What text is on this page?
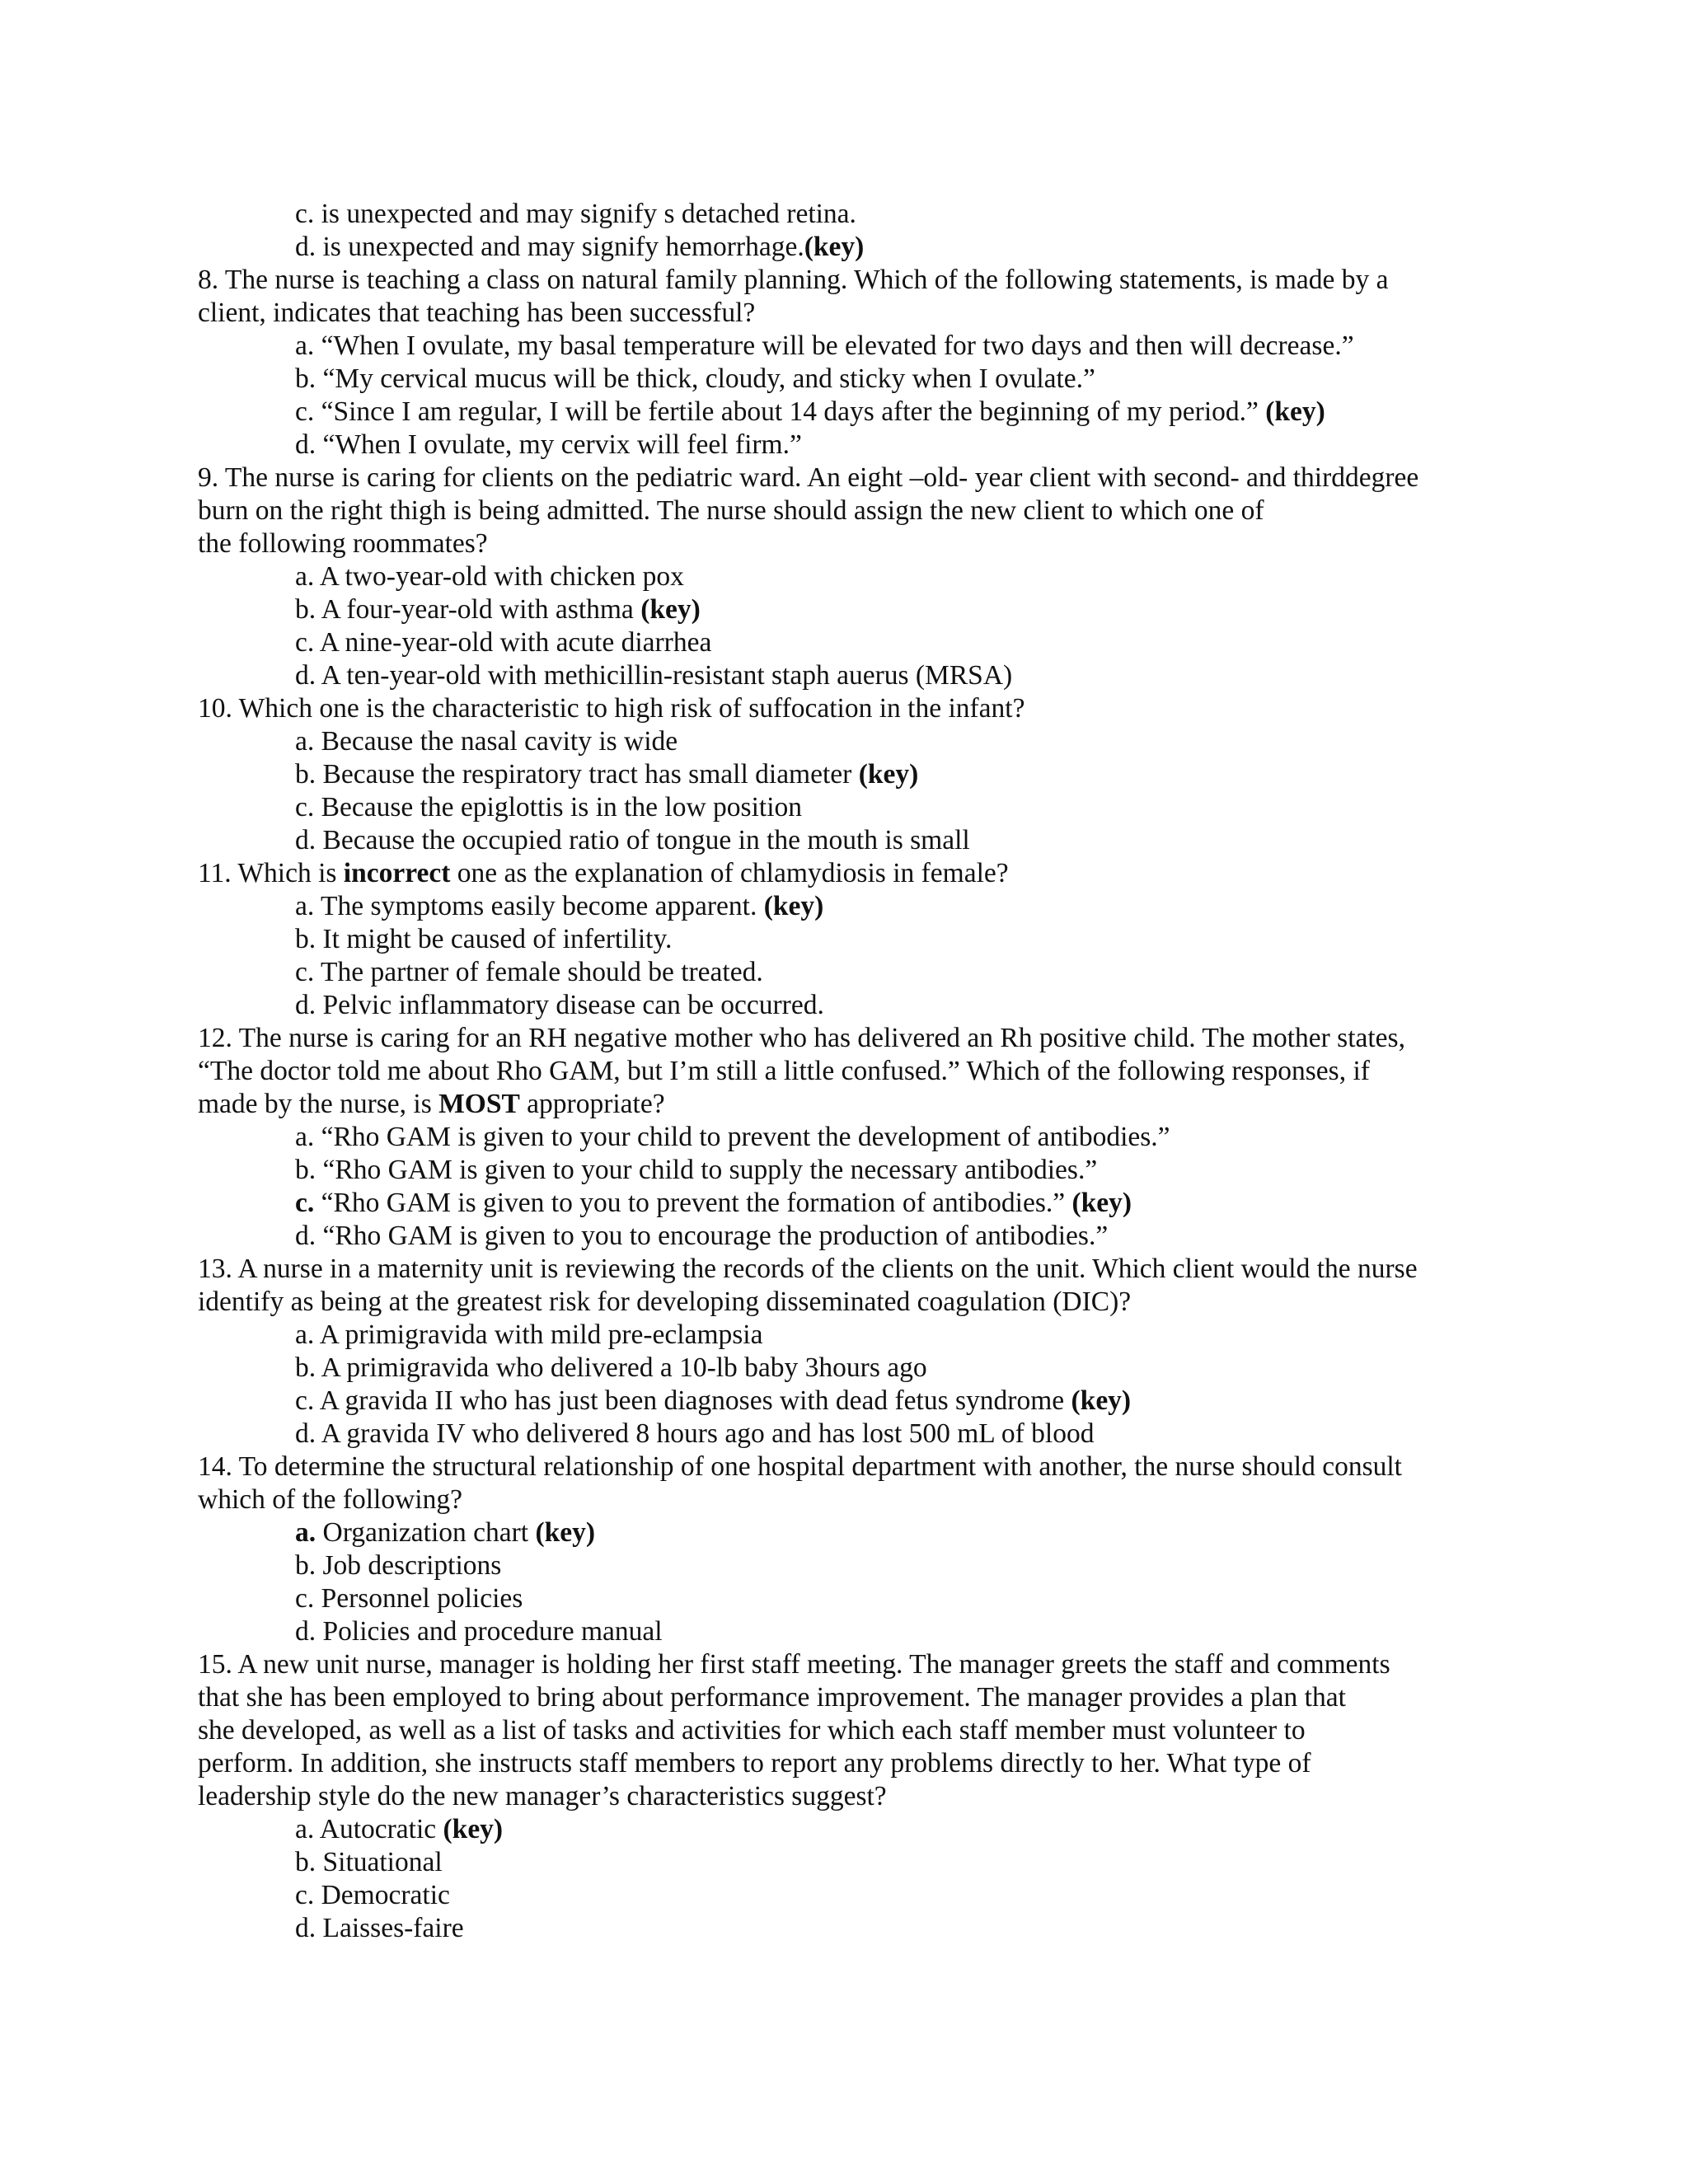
c. is unexpected and may signify s detached retina.
d. is unexpected and may signify hemorrhage.(key)
8. The nurse is teaching a class on natural family planning. Which of the following statements, is made by a
client, indicates that teaching has been successful?
a. “When I ovulate, my basal temperature will be elevated for two days and then will decrease.”
b. “My cervical mucus will be thick, cloudy, and sticky when I ovulate.”
c. “Since I am regular, I will be fertile about 14 days after the beginning of my period.” (key)
d. “When I ovulate, my cervix will feel firm.”
9. The nurse is caring for clients on the pediatric ward. An eight –old- year client with second- and thirddegree
burn on the right thigh is being admitted. The nurse should assign the new client to which one of
the following roommates?
a. A two-year-old with chicken pox
b. A four-year-old with asthma (key)
c. A nine-year-old with acute diarrhea
d. A ten-year-old with methicillin-resistant staph auerus (MRSA)
10. Which one is the characteristic to high risk of suffocation in the infant?
a. Because the nasal cavity is wide
b. Because the respiratory tract has small diameter (key)
c. Because the epiglottis is in the low position
d. Because the occupied ratio of tongue in the mouth is small
11. Which is incorrect one as the explanation of chlamydiosis in female?
a. The symptoms easily become apparent. (key)
b. It might be caused of infertility.
c. The partner of female should be treated.
d. Pelvic inflammatory disease can be occurred.
12. The nurse is caring for an RH negative mother who has delivered an Rh positive child. The mother states,
“The doctor told me about Rho GAM, but I’m still a little confused.” Which of the following responses, if
made by the nurse, is MOST appropriate?
a. “Rho GAM is given to your child to prevent the development of antibodies.”
b. “Rho GAM is given to your child to supply the necessary antibodies.”
c. “Rho GAM is given to you to prevent the formation of antibodies.” (key)
d. “Rho GAM is given to you to encourage the production of antibodies.”
13. A nurse in a maternity unit is reviewing the records of the clients on the unit. Which client would the nurse
identify as being at the greatest risk for developing disseminated coagulation (DIC)?
a. A primigravida with mild pre-eclampsia
b. A primigravida who delivered a 10-lb baby 3hours ago
c. A gravida II who has just been diagnoses with dead fetus syndrome (key)
d. A gravida IV who delivered 8 hours ago and has lost 500 mL of blood
14. To determine the structural relationship of one hospital department with another, the nurse should consult
which of the following?
a. Organization chart (key)
b. Job descriptions
c. Personnel policies
d. Policies and procedure manual
15. A new unit nurse, manager is holding her first staff meeting. The manager greets the staff and comments
that she has been employed to bring about performance improvement. The manager provides a plan that
she developed, as well as a list of tasks and activities for which each staff member must volunteer to
perform. In addition, she instructs staff members to report any problems directly to her. What type of
leadership style do the new manager’s characteristics suggest?
a. Autocratic (key)
b. Situational
c. Democratic
d. Laisses-faire
